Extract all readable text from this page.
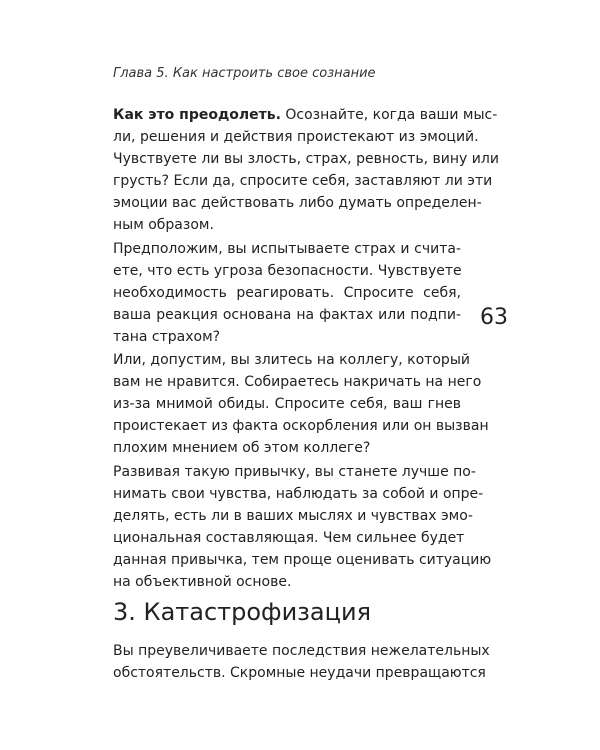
Глава 5. Как настроить свое сознание
63
Как это преодолеть. Осознайте, когда ваши мыс-
ли, решения и действия проистекают из эмоций.
Чувствуете ли вы злость, страх, ревность, вину или
грусть? Если да, спросите себя, заставляют ли эти
эмоции вас действовать либо думать определен-
ным образом.
Предположим, вы испытываете страх и счита-
ете, что есть угроза безопасности. Чувствуете
необходимость реагировать. Спросите себя,
ваша реакция основана на фактах или подпи-
тана страхом?
Или, допустим, вы злитесь на коллегу, который
вам не нравится. Собираетесь накричать на него
из-за мнимой обиды. Спросите себя, ваш гнев
проистекает из факта оскорбления или он вызван
плохим мнением об этом коллеге?
Развивая такую привычку, вы станете лучше по-
нимать свои чувства, наблюдать за собой и опре-
делять, есть ли в ваших мыслях и чувствах эмо-
циональная составляющая. Чем сильнее будет
данная привычка, тем проще оценивать ситуацию
на объективной основе.
3. Катастрофизация
Вы преувеличиваете последствия нежелательных
обстоятельств. Скромные неудачи превращаются
